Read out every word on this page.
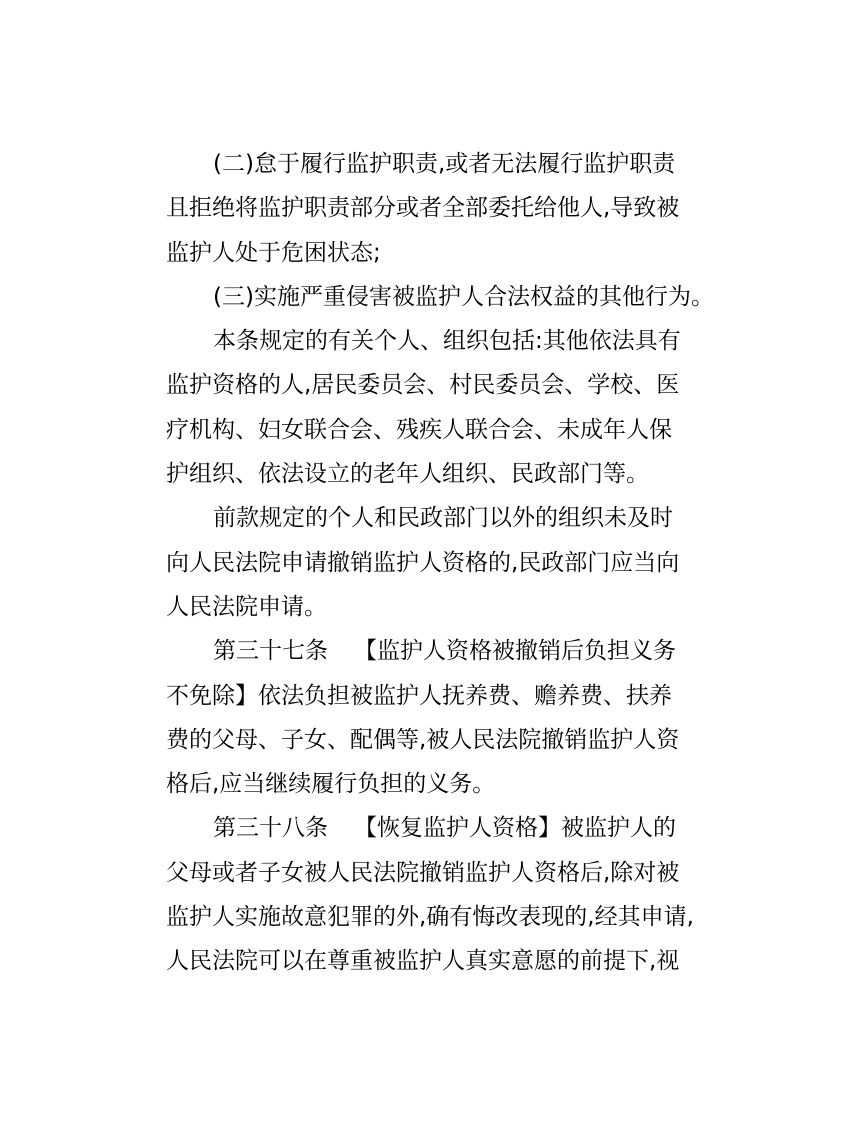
(二)怠于履行监护职责,或者无法履行监护职责
且拒绝将监护职责部分或者全部委托给他人,导致被
监护人处于危困状态;
(三)实施严重侵害被监护人合法权益的其他行为。
本条规定的有关个人、组织包括:其他依法具有
监护资格的人,居民委员会、村民委员会、学校、医
疗机构、妇女联合会、残疾人联合会、未成年人保
护组织、依法设立的老年人组织、民政部门等。
前款规定的个人和民政部门以外的组织未及时
向人民法院申请撤销监护人资格的,民政部门应当向
人民法院申请。
第三十七条 【监护人资格被撤销后负担义务
不免除】依法负担被监护人抚养费、赡养费、扶养
费的父母、子女、配偶等,被人民法院撤销监护人资
格后,应当继续履行负担的义务。
第三十八条 【恢复监护人资格】被监护人的
父母或者子女被人民法院撤销监护人资格后,除对被
监护人实施故意犯罪的外,确有悔改表现的,经其申请,
人民法院可以在尊重被监护人真实意愿的前提下,视
